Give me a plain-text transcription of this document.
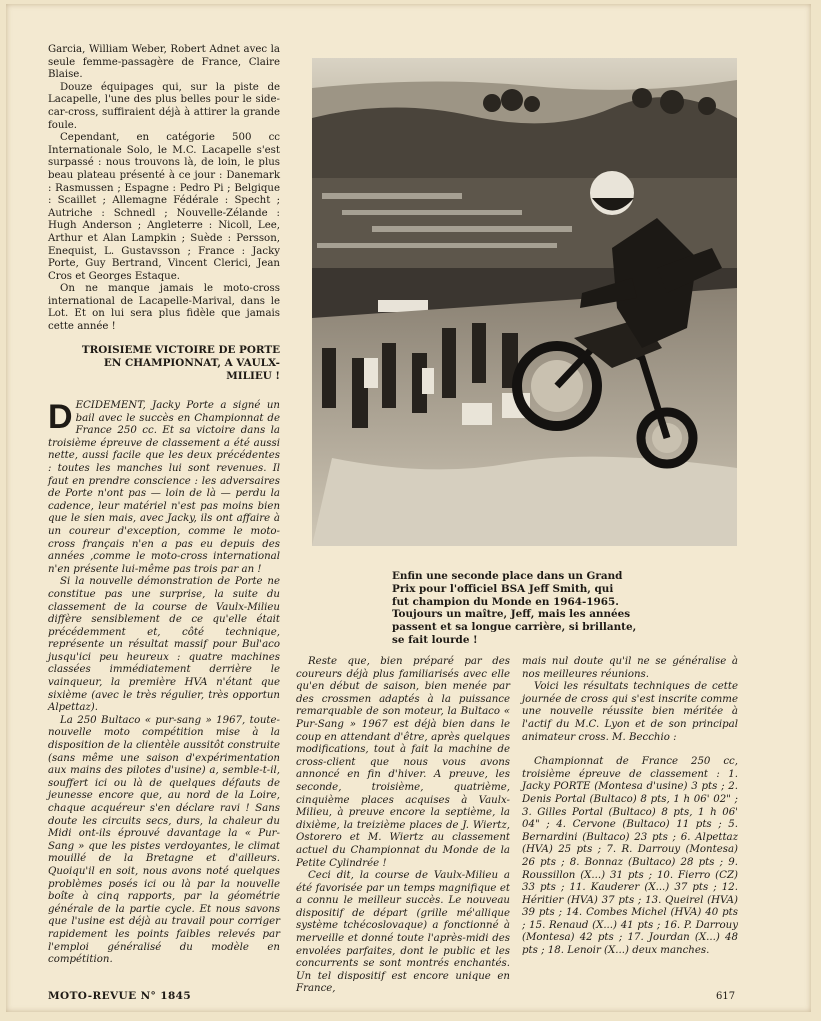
Garcia, William Weber, Robert Adnet avec la seule femme-passagère de France, Claire Blaise.

Douze équipages qui, sur la piste de Lacapelle, l'une des plus belles pour le side-car-cross, suffiraient déjà à attirer la grande foule.

Cependant, en catégorie 500 cc Internationale Solo, le M.C. Lacapelle s'est surpassé : nous trouvons là, de loin, le plus beau plateau présenté à ce jour : Danemark : Rasmussen ; Espagne : Pedro Pi ; Belgique : Scaillet ; Allemagne Fédérale : Specht ; Autriche : Schnedl ; Nouvelle-Zélande : Hugh Anderson ; Angleterre : Nicoll, Lee, Arthur et Alan Lampkin ; Suède : Persson, Enequist, L. Gustavsson ; France : Jacky Porte, Guy Bertrand, Vincent Clerici, Jean Cros et Georges Estaque.

On ne manque jamais le moto-cross international de Lacapelle-Marival, dans le Lot. Et on lui sera plus fidèle que jamais cette année !

TROISIEME VICTOIRE DE PORTE
EN CHAMPIONNAT, A VAULX-
MILIEU !

DECIDEMENT, Jacky Porte a signé un bail avec le succès en Championnat de France 250 cc. Et sa victoire dans la troisième épreuve de classement a été aussi nette, aussi facile que les deux précédentes : toutes les manches lui sont revenues. Il faut en prendre conscience : les adversaires de Porte n'ont pas — loin de là — perdu la cadence, leur matériel n'est pas moins bien que le sien mais, avec Jacky, ils ont affaire à un coureur d'exception, comme le moto-cross français n'en a pas eu depuis des années ,comme le moto-cross international n'en présente lui-même pas trois par an !

Si la nouvelle démonstration de Porte ne constitue pas une surprise, la suite du classement de la course de Vaulx-Milieu diffère sensiblement de ce qu'elle était précédemment et, côté technique, représente un résultat massif pour Bul'aco jusqu'ici peu heureux : quatre machines classées immédiatement derrière le vainqueur, la première HVA n'étant que sixième (avec le très régulier, très opportun Alpettaz).

La 250 Bultaco « pur-sang » 1967, toute-nouvelle moto compétition mise à la disposition de la clientèle aussitôt construite (sans même une saison d'expérimentation aux mains des pilotes d'usine) a, semble-t-il, souffert ici ou là de quelques défauts de jeunesse encore que, au nord de la Loire, chaque acquéreur s'en déclare ravi ! Sans doute les circuits secs, durs, la chaleur du Midi ont-ils éprouvé davantage la « Pur-Sang » que les pistes verdoyantes, le climat mouillé de la Bretagne et d'ailleurs. Quoiqu'il en soit, nous avons noté quelques problèmes posés ici ou là par la nouvelle boîte à cinq rapports, par la géométrie générale de la partie cycle. Et nous savons que l'usine est déjà au travail pour corriger rapidement les points faibles relevés par l'emploi généralisé du modèle en compétition.

Enfin une seconde place dans un Grand
Prix pour l'officiel BSA Jeff Smith, qui
fut champion du Monde en 1964-1965.
Toujours un maître, Jeff, mais les années
passent et sa longue carrière, si brillante,
se fait lourde !

Reste que, bien préparé par des coureurs déjà plus familiarisés avec elle qu'en début de saison, bien menée par des crossmen adaptés à la puissance remarquable de son moteur, la Bultaco « Pur-Sang » 1967 est déjà bien dans le coup en attendant d'être, après quelques modifications, tout à fait la machine de cross-client que nous vous avons annoncé en fin d'hiver. A preuve, les seconde, troisième, quatrième, cinquième places acquises à Vaulx-Milieu, à preuve encore la septième, la dixième, la treizième places de J. Wiertz, Ostorero et M. Wiertz au classement actuel du Championnat du Monde de la Petite Cylindrée !

Ceci dit, la course de Vaulx-Milieu a été favorisée par un temps magnifique et a connu le meilleur succès. Le nouveau dispositif de départ (grille mé'allique système tchécoslovaque) a fonctionné à merveille et donné toute l'après-midi des envolées parfaites, dont le public et les concurrents se sont montrés enchantés. Un tel dispositif est encore unique en France,

mais nul doute qu'il ne se généralise à nos meilleures réunions.

Voici les résultats techniques de cette journée de cross qui s'est inscrite comme une nouvelle réussite bien méritée à l'actif du M.C. Lyon et de son principal animateur cross. M. Becchio :

Championnat de France 250 cc, troisième épreuve de classement : 1. Jacky PORTE (Montesa d'usine) 3 pts ; 2. Denis Portal (Bultaco) 8 pts, 1 h 06' 02" ; 3. Gilles Portal (Bultaco) 8 pts, 1 h 06' 04" ; 4. Cervone (Bultaco) 11 pts ; 5. Bernardini (Bultaco) 23 pts ; 6. Alpettaz (HVA) 25 pts ; 7. R. Darrouy (Montesa) 26 pts ; 8. Bonnaz (Bultaco) 28 pts ; 9. Roussillon (X...) 31 pts ; 10. Fierro (CZ) 33 pts ; 11. Kauderer (X...) 37 pts ; 12. Héritier (HVA) 37 pts ; 13. Queirel (HVA) 39 pts ; 14. Combes Michel (HVA) 40 pts ; 15. Renaud (X...) 41 pts ; 16. P. Darrouy (Montesa) 42 pts ; 17. Jourdan (X...) 48 pts ; 18. Lenoir (X...) deux manches.

MOTO-REVUE N° 1845	617
